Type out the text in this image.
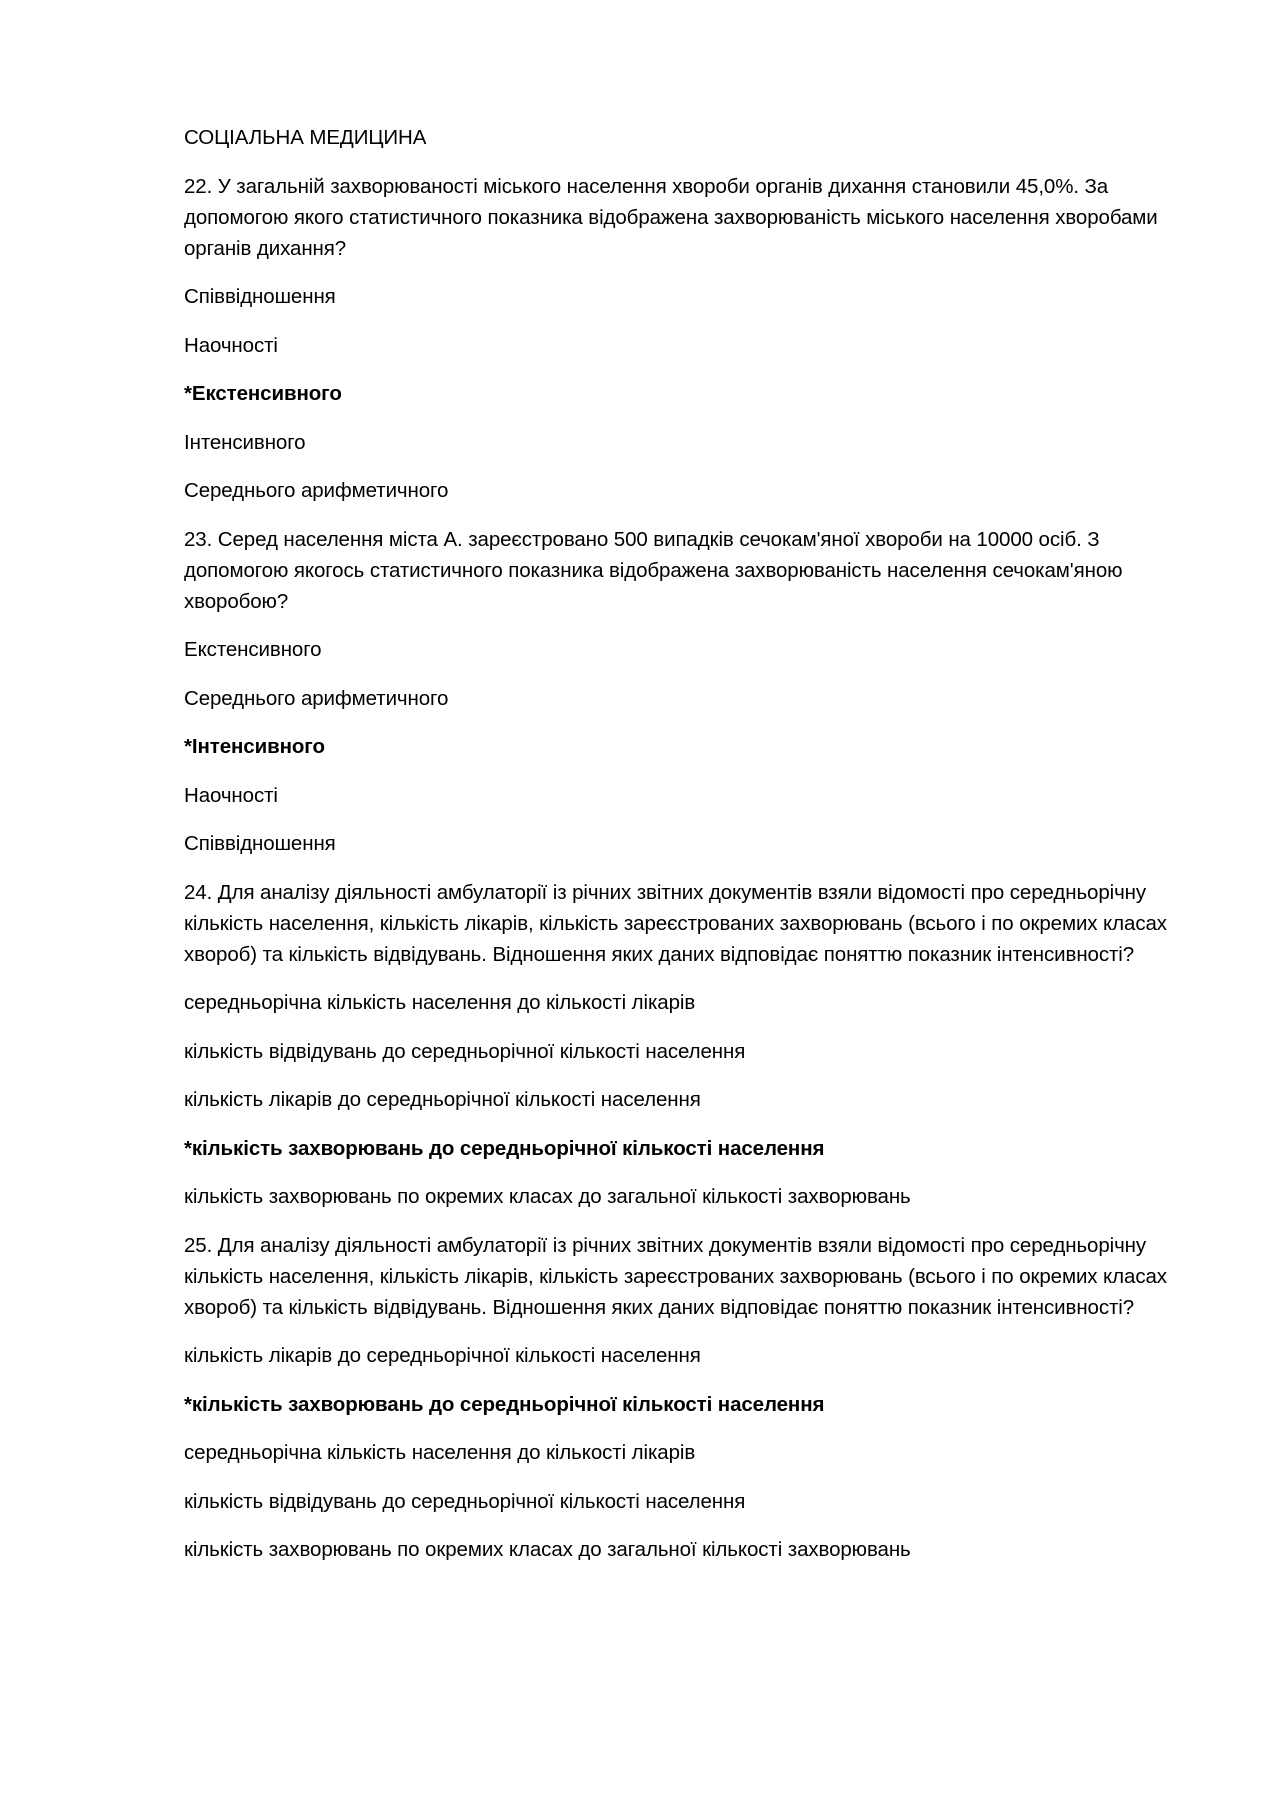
СОЦІАЛЬНА МЕДИЦИНА

22. У загальній захворюваності міського населення хвороби органів дихання становили 45,0%. За допомогою якого статистичного показника відображена захворюваність міського населення хворобами органів дихання?

Співвідношення

Наочності

*Екстенсивного

Інтенсивного

Середнього арифметичного

23. Серед населення міста А. зареєстровано 500 випадків сечокам'яної хвороби на 10000 осіб. З допомогою якогось статистичного показника відображена захворюваність населення сечокам'яною хворобою?

Екстенсивного

Середнього арифметичного

*Інтенсивного

Наочності

Співвідношення

24. Для аналізу діяльності амбулаторії із річних звітних документів взяли відомості про середньорічну кількість населення, кількість лікарів, кількість зареєстрованих захворювань (всього і по окремих класах хвороб) та кількість відвідувань. Відношення яких даних відповідає поняттю показник інтенсивності?

середньорічна кількість населення до кількості лікарів

кількість відвідувань до середньорічної кількості населення

кількість лікарів до середньорічної кількості населення

*кількість захворювань до середньорічної кількості населення

кількість захворювань по окремих класах до загальної кількості захворювань

25. Для аналізу діяльності амбулаторії із річних звітних документів взяли відомості про середньорічну кількість населення, кількість лікарів, кількість зареєстрованих захворювань (всього і по окремих класах хвороб) та кількість відвідувань. Відношення яких даних відповідає поняттю показник інтенсивності?

кількість лікарів до середньорічної кількості населення

*кількість захворювань до середньорічної кількості населення

середньорічна кількість населення до кількості лікарів

кількість відвідувань до середньорічної кількості населення

кількість захворювань по окремих класах до загальної кількості захворювань
